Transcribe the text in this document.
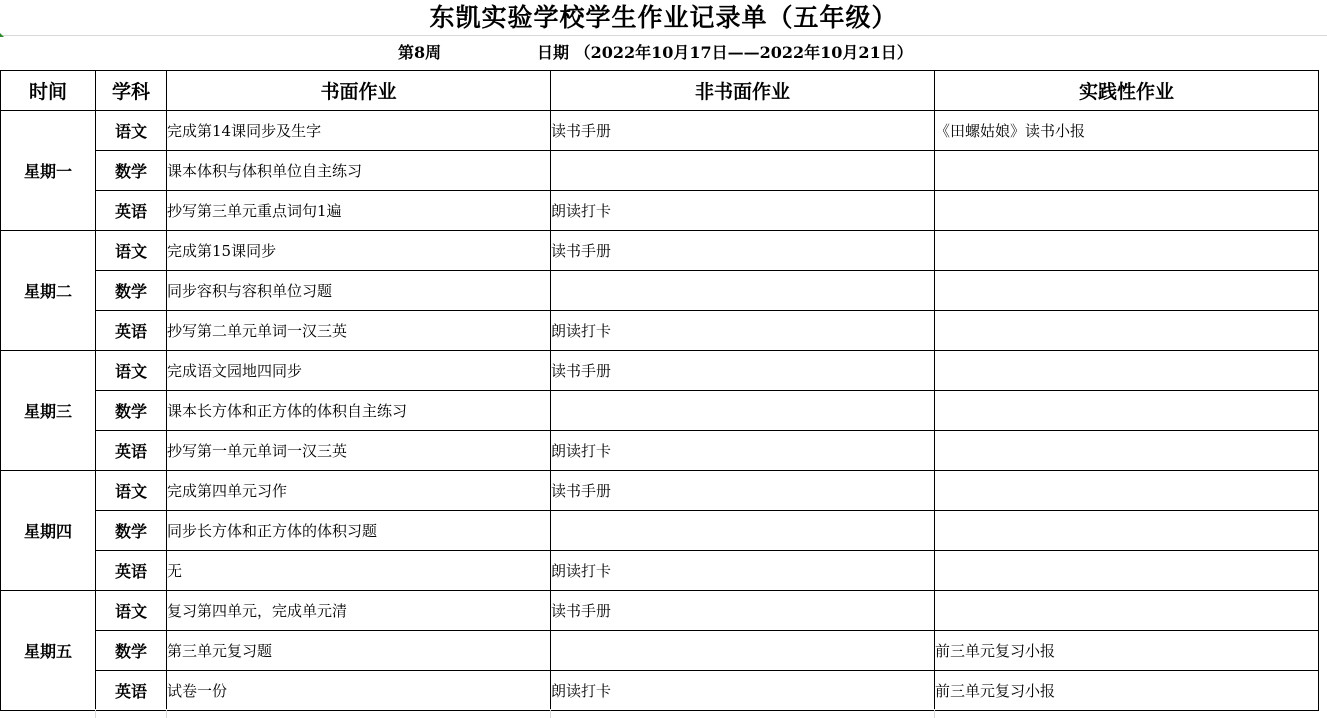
东凯实验学校学生作业记录单（五年级）
第8周	日期 （2022年10月17日——2022年10月21日）
时间	学科	书面作业	非书面作业	实践性作业
星期一	语文	完成第14课同步及生字	读书手册	《田螺姑娘》读书小报
	数学	课本体积与体积单位自主练习		
	英语	抄写第三单元重点词句1遍	朗读打卡	
星期二	语文	完成第15课同步	读书手册	
	数学	同步容积与容积单位习题		
	英语	抄写第二单元单词一汉三英	朗读打卡	
星期三	语文	完成语文园地四同步	读书手册	
	数学	课本长方体和正方体的体积自主练习		
	英语	抄写第一单元单词一汉三英	朗读打卡	
星期四	语文	完成第四单元习作	读书手册	
	数学	同步长方体和正方体的体积习题		
	英语	无	朗读打卡	
星期五	语文	复习第四单元，完成单元清	读书手册	
	数学	第三单元复习题		前三单元复习小报
	英语	试卷一份	朗读打卡	前三单元复习小报
